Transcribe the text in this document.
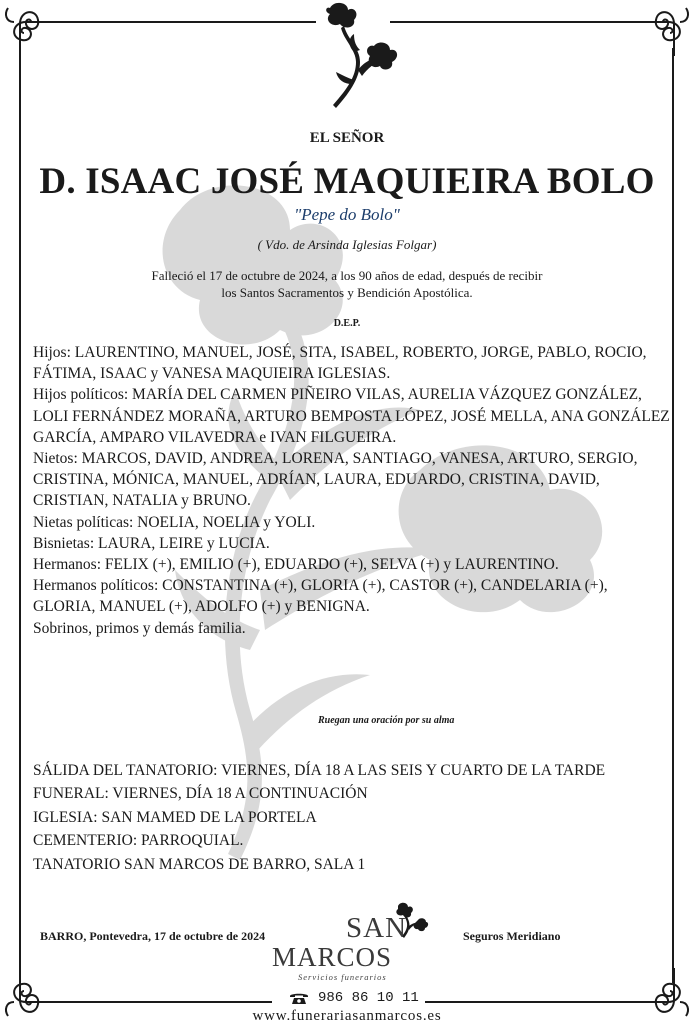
EL SEÑOR

D. ISAAC JOSÉ MAQUIEIRA BOLO

"Pepe do Bolo"

( Vdo. de Arsinda Iglesias Folgar)

Falleció el 17 de octubre de 2024, a los 90 años de edad, después de recibir

los Santos Sacramentos y Bendición Apostólica.

D.E.P.

Hijos: LAURENTINO, MANUEL, JOSÉ, SITA, ISABEL, ROBERTO, JORGE, PABLO, ROCIO, FÁTIMA, ISAAC y VANESA MAQUIEIRA IGLESIAS.

Hijos políticos: MARÍA DEL CARMEN PIÑEIRO VILAS, AURELIA VÁZQUEZ GONZÁLEZ, LOLI FERNÁNDEZ MORAÑA, ARTURO BEMPOSTA LÓPEZ, JOSÉ MELLA, ANA GONZÁLEZ GARCÍA, AMPARO VILAVEDRA e IVAN FILGUEIRA.

Nietos: MARCOS, DAVID, ANDREA, LORENA, SANTIAGO, VANESA, ARTURO, SERGIO, CRISTINA, MÓNICA, MANUEL, ADRÍAN, LAURA, EDUARDO, CRISTINA, DAVID, CRISTIAN, NATALIA y BRUNO.

Nietas políticas: NOELIA, NOELIA y YOLI.

Bisnietas: LAURA, LEIRE y LUCIA.

Hermanos: FELIX (+), EMILIO (+), EDUARDO (+), SELVA (+) y LAURENTINO.

Hermanos políticos: CONSTANTINA (+), GLORIA (+), CASTOR (+), CANDELARIA (+), GLORIA, MANUEL (+), ADOLFO (+) y BENIGNA.

Sobrinos, primos y demás familia.

Ruegan una oración por su alma

SÁLIDA DEL TANATORIO: VIERNES, DÍA 18 A LAS SEIS Y CUARTO DE LA TARDE

FUNERAL: VIERNES, DÍA 18 A CONTINUACIÓN

IGLESIA: SAN MAMED DE LA PORTELA

CEMENTERIO: PARROQUIAL.

TANATORIO SAN MARCOS DE BARRO, SALA 1

BARRO, Pontevedra, 17 de octubre de 2024	Seguros Meridiano

SAN
MARCOS
Servicios funerarios

986 86 10 11

www.funerariasanmarcos.es
